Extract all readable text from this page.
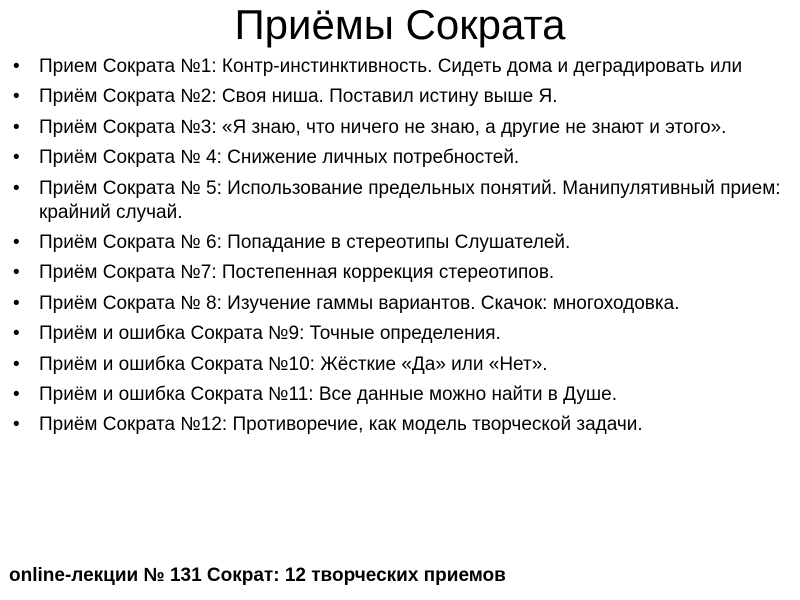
Приёмы Сократа
• Прием Сократа №1: Контр-инстинктивность. Сидеть дома и деградировать или
• Приём Сократа №2: Своя ниша. Поставил истину выше Я.
• Приём Сократа №3: «Я знаю, что ничего не знаю, а другие не знают и этого».
• Приём Сократа № 4: Снижение личных потребностей.
• Приём Сократа № 5: Использование предельных понятий. Манипулятивный прием: крайний случай.
• Приём Сократа № 6: Попадание в стереотипы Слушателей.
• Приём Сократа №7: Постепенная коррекция стереотипов.
• Приём Сократа № 8: Изучение гаммы вариантов. Скачок: многоходовка.
• Приём и ошибка Сократа №9: Точные определения.
• Приём и ошибка Сократа №10: Жёсткие «Да» или «Нет».
• Приём и ошибка Сократа №11: Все данные можно найти в Душе.
• Приём Сократа №12: Противоречие, как модель творческой задачи.
online-лекции № 131 Сократ: 12 творческих приемов
